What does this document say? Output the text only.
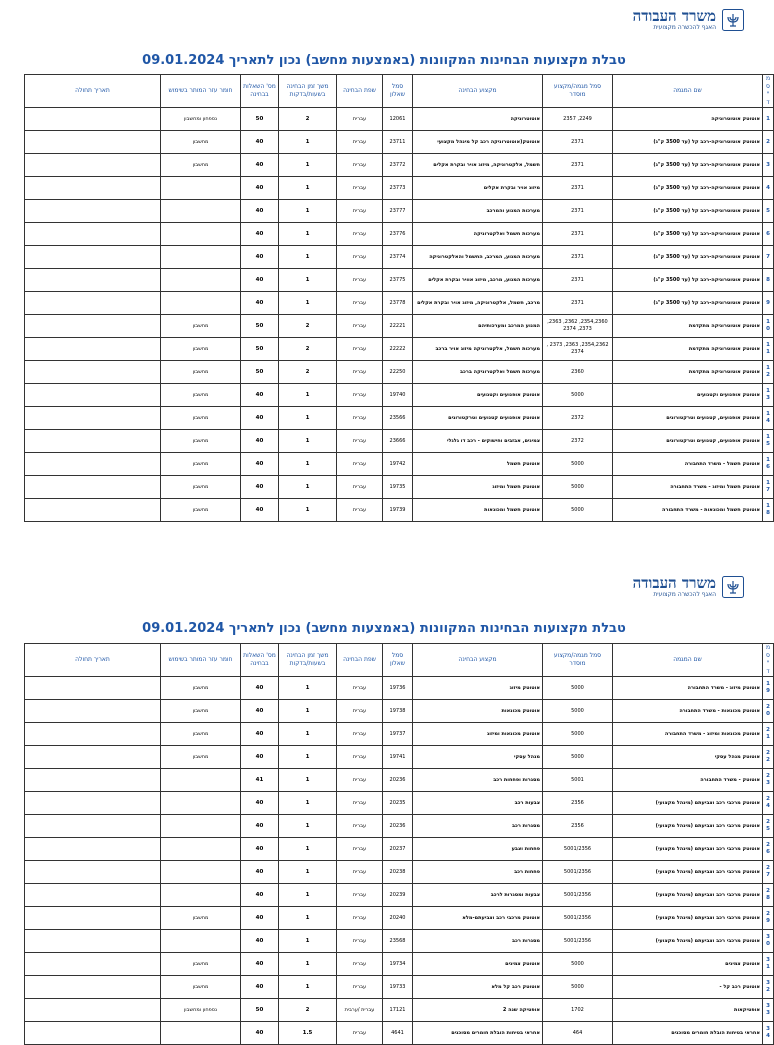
משרד העבודה
האגף להכשרה מקצועית
טבלת מקצועות הבחינות המקוונות (באמצעות מחשב) נכון לתאריך 09.01.2024
מס"ד	שם המגמה	סמל מגמה/מקצוע מוסדר	מקצוע הבחינה	סמל שאלון	שפת הבחינה	משך זמן הבחינה בשעות/בדקות	מס' השאלות בבחינה	חומר עזר המותר בשימוש	תאריך תחולה
1	אוטוטק אוטוטרוניקה	2249, 2357	אוטוטרוניקה	12061	עברית	2	50	נספחון ומחשבון	
2	אוטוטק אוטוטרוניקה-רכב קל (עד 3500 ק"ג)	2371	אוטוטק(אוטוטרוניקה רכב קל מינהל מקצועי	23711	עברית	1	40	מחשבון	
3	אוטוטק אוטוטרוניקה-רכב קל (עד 3500 ק"ג)	2371	חשמל, אלקטרוניקה, מיזוג אויר ובקרת אקלים	23772	עברית	1	40	מחשבון	
4	אוטוטק אוטוטרוניקה-רכב קל (עד 3500 ק"ג)	2371	מיזוג אויר ובקרת אקלים	23773	עברית	1	40		
5	אוטוטק אוטוטרוניקה-רכב קל (עד 3500 ק"ג)	2371	מערכות המנוע והמרכב	23777	עברית	1	40		
6	אוטוטק אוטוטרוניקה-רכב קל (עד 3500 ק"ג)	2371	מערכות חשמל ואלקטרוניקה	23776	עברית	1	40		
7	אוטוטק אוטוטרוניקה-רכב קל (עד 3500 ק"ג)	2371	מערכות המנוע, המרכב, החשמל והאלקטרוניקה	23774	עברית	1	40		
8	אוטוטק אוטוטרוניקה-רכב קל (עד 3500 ק"ג)	2371	מערכות המנוע, מרכב, מיזוג אוויר ובקרת אקלים	23775	עברית	1	40		
9	אוטוטק אוטוטרוניקה-רכב קל (עד 3500 ק"ג)	2371	מרכב, חשמל, אלקטרוניקה, מיזוג אויר ובקרת אקלים	23778	עברית	1	40		
10	אוטוטק אוטוטרוניקה מתקדמת	2354,2360, 2362, 2363, 2373, 2374	המנוע המרכב ומערכותיהם	22221	עברית	2	50	מחשבון	
11	אוטוטק אוטוטרוניקה מתקדמת	2354,2362, 2363, 2373 , 2374	מערכות חשמל, אלקטרוניקה מיזוג אויר ברכב	22222	עברית	2	50	מחשבון	
12	אוטוטק אוטוטרוניקה מתקדמת	2360	מערכות חשמל ואלקטרוניקה ברכב	22250	עברית	2	50	מחשבון	
13	אוטוטק אופנועים וקטנועים	5000	אוטוטק אופנועים וקטנועים	19740	עברית	1	40	מחשבון	
14	אוטוטק אופנועים, קטנועים וטרקטורונים	2372	אוטוטק אופנועים קטנועים וטרקטורונים	23566	עברית	1	40	מחשבון	
15	אוטוטק אופנועים, קטנועים וטרקטורונים	2372	צמיגים, אבזבים וחישוקים - רכב דו גלגלי	23666	עברית	1	40	מחשבון	
16	אוטוטק חשמל - משרד התחבורה	5000	אוטוטק חשמל	19742	עברית	1	40	מחשבון	
17	אוטוטק חשמל ומיזוג - משרד התחבורה	5000	אוטוטק חשמל ומיזוג	19735	עברית	1	40	מחשבון	
18	אוטוטק חשמל ומכונאות - משרד התחבורה	5000	אוטוטק חשמל ומכונאות	19739	עברית	1	40	מחשבון	
משרד העבודה
האגף להכשרה מקצועית
טבלת מקצועות הבחינות המקוונות (באמצעות מחשב) נכון לתאריך 09.01.2024
מס"ד	שם המגמה	סמל מגמה/מקצוע מוסדר	מקצוע הבחינה	סמל שאלון	שפת הבחינה	משך זמן הבחינה בשעות/בדקות	מס' השאלות בבחינה	חומר עזר המותר בשימוש	תאריך תחולה
19	אוטוטק מיזוג - משרד התחבורה	5000	אוטוטק מיזוג	19736	עברית	1	40	מחשבון	
20	אוטוטק מכונאות - משרד התחבורה	5000	אוטוטק מכונאות	19738	עברית	1	40	מחשבון	
21	אוטוטק מכונאות ומיזוג - משרד התחבורה	5000	אוטוטק מכונאות ומיזוג	19737	עברית	1	40	מחשבון	
22	אוטוטק מנהל עסקי	5000	מנהל עסקי	19741	עברית	1	40	מחשבון	
23	אוטוטק - משרד התחבורה	5001	מסגרות ופחחות רכב	20236	עברית	1	41		
24	אוטוטק מרכבי רכב וצביעתם (מינהל מקצועי)	2356	צבעות רכב	20235	עברית	1	40		
25	אוטוטק מרכבי רכב וצביעתם (מינהל מקצועי)	2356	מסגרות רכב	20236	עברית	1	40		
26	אוטוטק מרכבי רכב וצביעתם (מינהל מקצועי)	5001/2356	פחחות וצבע	20237	עברית	1	40		
27	אוטוטק מרכבי רכב וצביעתם (מינהל מקצועי)	5001/2356	פחחות רכב	20238	עברית	1	40		
28	אוטוטק מרכבי רכב וצביעתם (מינהל מקצועי)	5001/2356	צבעות ומסגרות לרכב	20239	עברית	1	40		
29	אוטוטק מרכבי רכב וצביעתם (מינהל מקצועי)	5001/2356	אוטוטק מרכבי רכב וצביעתם-מלא	20240	עברית	1	40	מחשבון	
30	אוטוטק מרכבי רכב וצביעתם (מינהל מקצועי)	5001/2356	מסגרות רכב	23568	עברית	1	40		
31	אוטוטק צמיגים	5000	אוטוטק צמיגים	19734	עברית	1	40	מחשבון	
32	אוטוטק רכב קל -	5000	אוטוטק רכב קל מלא	19733	עברית	1	40	מחשבון	
33	אופטיקאות	1702	אופטיקה שנה 2	17121	עברית /ערבית	2	50	נספחון ומחשבון	
34	אחראי בטיחות הובלת חומרים מסוכנים	464	אחראי בטיחות הובלת חומרים מסוכנים	4641	עברית	1.5	40		
